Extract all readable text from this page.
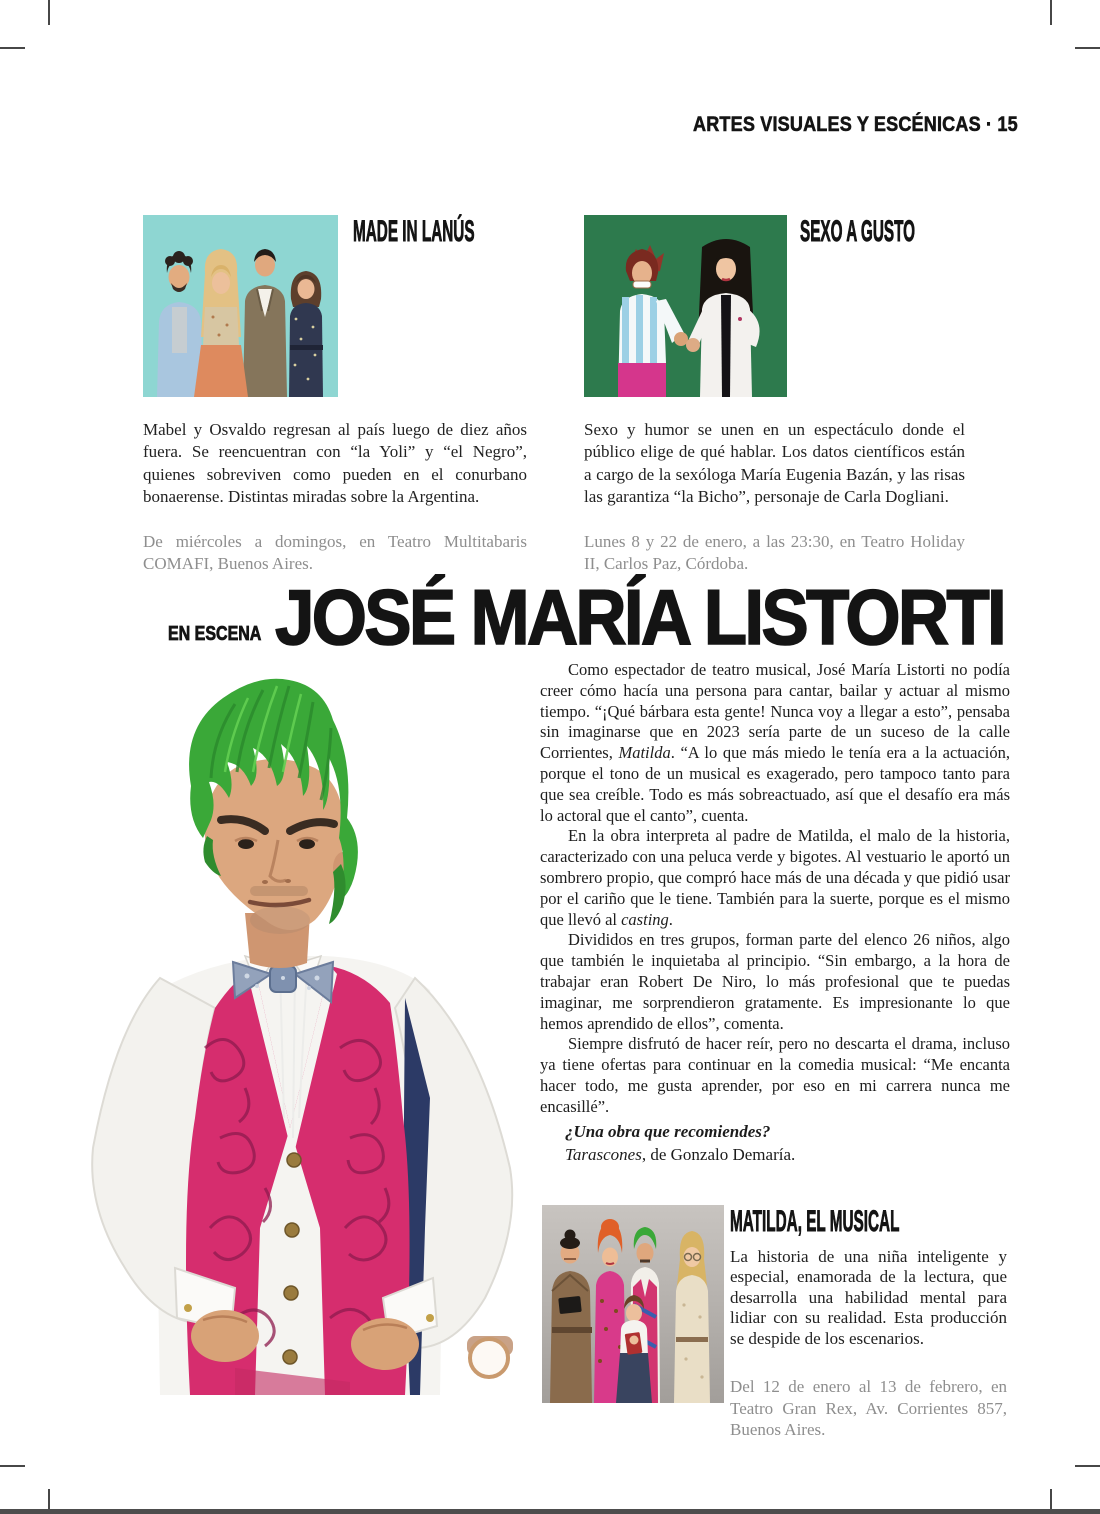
ARTES VISUALES Y ESCÉNICAS · 15
MADE IN LANÚS
Mabel y Osvaldo regresan al país luego de diez años fuera. Se reencuentran con “la Yoli” y “el Negro”, quienes sobreviven como pueden en el conurbano bonaerense. Distintas miradas sobre la Argentina.
De miércoles a domingos, en Teatro Multitabaris COMAFI, Buenos Aires.
SEXO A GUSTO
Sexo y humor se unen en un espectáculo donde el público elige de qué hablar. Los datos científicos están a cargo de la sexóloga María Eugenia Bazán, y las risas las garantiza “la Bicho”, personaje de Carla Dogliani.
Lunes 8 y 22 de enero, a las 23:30, en Teatro Holiday II, Carlos Paz, Córdoba.
EN ESCENA JOSÉ MARÍA LISTORTI

Como espectador de teatro musical, José María Listorti no podía creer cómo hacía una persona para cantar, bailar y actuar al mismo tiempo. “¡Qué bárbara esta gente! Nunca voy a llegar a esto”, pensaba sin imaginarse que en 2023 sería parte de un suceso de la calle Corrientes, Matilda. “A lo que más miedo le tenía era a la actuación, porque el tono de un musical es exagerado, pero tampoco tanto para que sea creíble. Todo es más sobreactuado, así que el desafío era más lo actoral que el canto”, cuenta.

En la obra interpreta al padre de Matilda, el malo de la historia, caracterizado con una peluca verde y bigotes. Al vestuario le aportó un sombrero propio, que compró hace más de una década y que pidió usar por el cariño que le tiene. También para la suerte, porque es el mismo que llevó al casting.

Divididos en tres grupos, forman parte del elenco 26 niños, algo que también le inquietaba al principio. “Sin embargo, a la hora de trabajar eran Robert De Niro, lo más profesional que te puedas imaginar, me sorprendieron gratamente. Es impresionante lo que hemos aprendido de ellos”, comenta.

Siempre disfrutó de hacer reír, pero no descarta el drama, incluso ya tiene ofertas para continuar en la comedia musical: “Me encanta hacer todo, me gusta aprender, por eso en mi carrera nunca me encasillé”.

¿Una obra que recomiendes?

Tarascones, de Gonzalo Demaría.

MATILDA, EL MUSICAL
La historia de una niña inteligente y especial, enamorada de la lectura, que desarrolla una habilidad mental para lidiar con su realidad. Esta producción se despide de los escenarios.
Del 12 de enero al 13 de febrero, en Teatro Gran Rex, Av. Corrientes 857, Buenos Aires.
